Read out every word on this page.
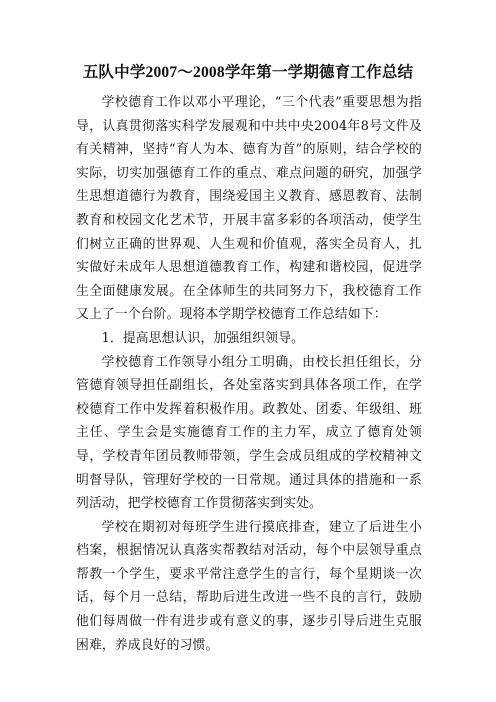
五队中学2007～2008学年第一学期德育工作总结

学校德育工作以邓小平理论，“三个代表”重要思想为指导，认真贯彻落实科学发展观和中共中央2004年8号文件及有关精神，坚持“育人为本、德育为首”的原则，结合学校的实际，切实加强德育工作的重点、难点问题的研究，加强学生思想道德行为教育，围绕爱国主义教育、感恩教育、法制教育和校园文化艺术节，开展丰富多彩的各项活动，使学生们树立正确的世界观、人生观和价值观，落实全员育人，扎实做好未成年人思想道德教育工作，构建和谐校园，促进学生全面健康发展。在全体师生的共同努力下，我校德育工作又上了一个台阶。现将本学期学校德育工作总结如下：

1．提高思想认识，加强组织领导。

学校德育工作领导小组分工明确，由校长担任组长，分管德育领导担任副组长，各处室落实到具体各项工作，在学校德育工作中发挥着积极作用。政教处、团委、年级组、班主任、学生会是实施德育工作的主力军，成立了德育处领导，学校青年团员教师带领，学生会成员组成的学校精神文明督导队，管理好学校的一日常规。通过具体的措施和一系列活动，把学校德育工作贯彻落实到实处。

学校在期初对每班学生进行摸底排查，建立了后进生小档案，根据情况认真落实帮教结对活动，每个中层领导重点帮教一个学生，要求平常注意学生的言行，每个星期谈一次话，每个月一总结，帮助后进生改进一些不良的言行，鼓励他们每周做一件有进步或有意义的事，逐步引导后进生克服困难，养成良好的习惯。
